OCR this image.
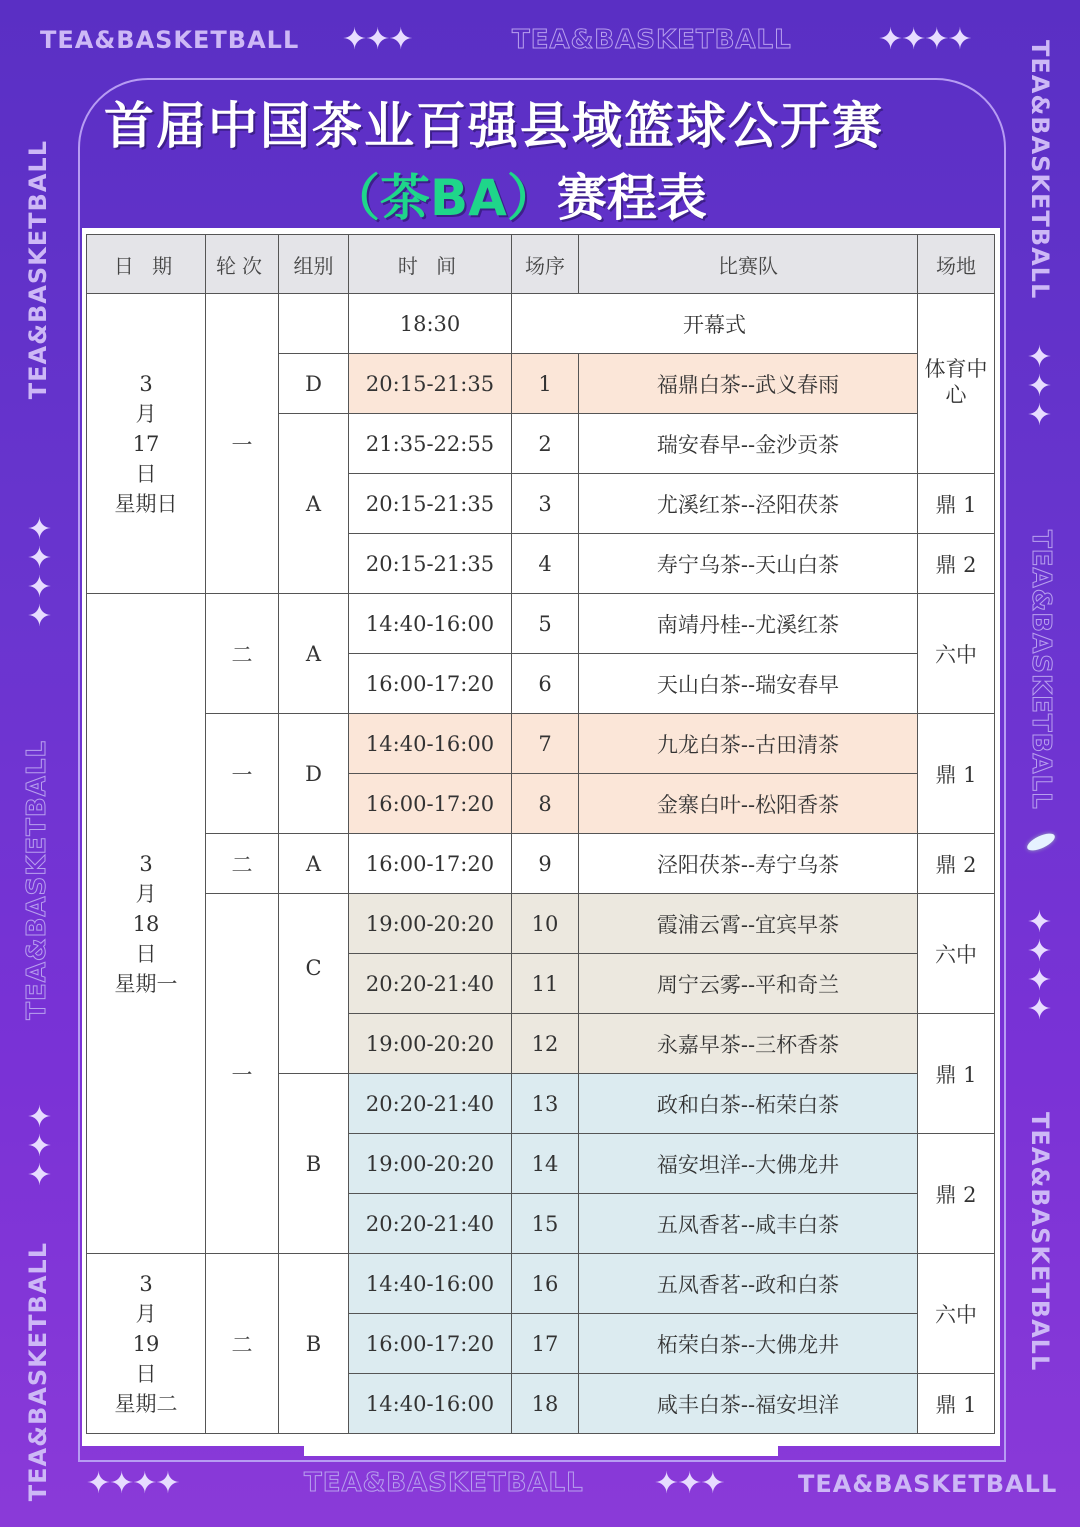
TEA&BASKETBALL ✦✦✦	TEA&BASKETBALL	✦✦✦✦
TEA&BASKETBALL
✦✦✦✦
TEA&BASKETBALL
✦✦✦
TEA&BASKETBALL
TEA&BASKETBALL
✦✦✦
TEA&BASKETBALL
✦✦✦✦
TEA&BASKETBALL
✦✦✦✦	TEA&BASKETBALL ✦✦✦	TEA&BASKETBALL
首届中国茶业百强县域篮球公开赛
（茶BA）赛程表
日 期	轮次	组别	时 间	场序	比赛队	场地

3
月
17
日
星期日	一		18:30	开幕式		体育中心
		D	20:15-21:35	1	福鼎白茶--武义春雨	
		A	21:35-22:55	2	瑞安春早--金沙贡茶	
			20:15-21:35	3	尤溪红茶--泾阳茯茶	鼎 1
			20:15-21:35	4	寿宁乌茶--天山白茶	鼎 2

3
月
18
日
星期一	二	A	14:40-16:00	5	南靖丹桂--尤溪红茶	六中
			16:00-17:20	6	天山白茶--瑞安春早	
	一	D	14:40-16:00	7	九龙白茶--古田清茶	鼎 1
			16:00-17:20	8	金寨白叶--松阳香茶	
	二	A	16:00-17:20	9	泾阳茯茶--寿宁乌茶	鼎 2
	一	C	19:00-20:20	10	霞浦云霄--宜宾早茶	六中
			20:20-21:40	11	周宁云雾--平和奇兰	
			19:00-20:20	12	永嘉早茶--三杯香茶	鼎 1
		B	20:20-21:40	13	政和白茶--柘荣白茶	
			19:00-20:20	14	福安坦洋--大佛龙井	鼎 2
			20:20-21:40	15	五凤香茗--咸丰白茶	

3
月
19
日
星期二	二	B	14:40-16:00	16	五凤香茗--政和白茶	六中
			16:00-17:20	17	柘荣白茶--大佛龙井	
			14:40-16:00	18	咸丰白茶--福安坦洋	鼎 1
